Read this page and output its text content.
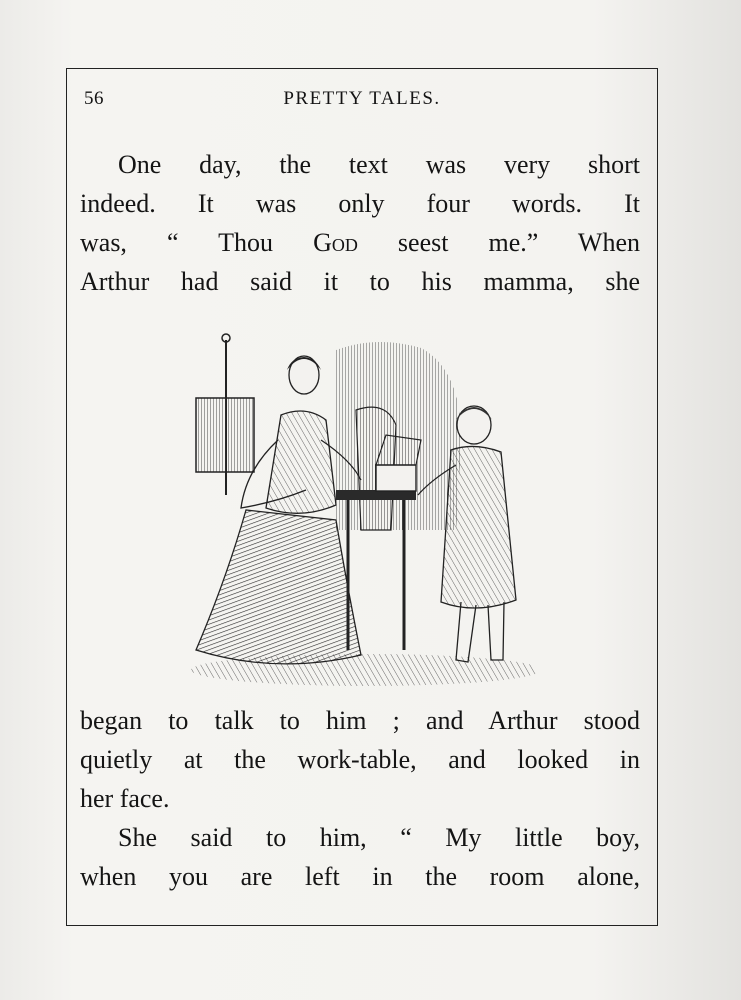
56	PRETTY TALES.

One day, the text was very short
indeed. It was only four words. It
was, “ Thou God seest me.” When
Arthur had said it to his mamma, she

began to talk to him ; and Arthur stood
quietly at the work-table, and looked in
her face.

She said to him, “ My little boy,
when you are left in the room alone,
